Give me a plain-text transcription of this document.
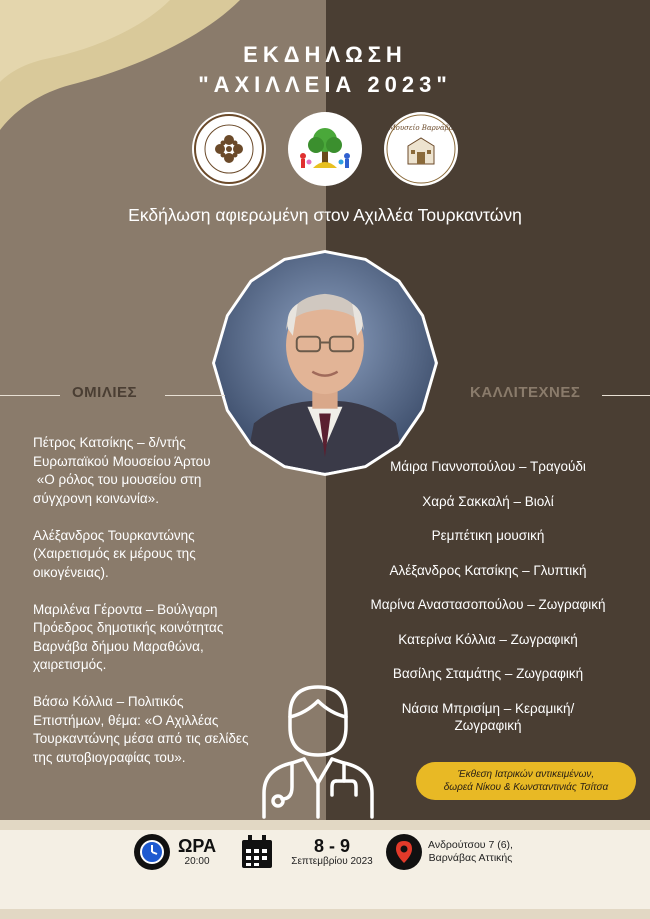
ΕΚΔΗΛΩΣΗ
"ΑΧΙΛΛΕΙΑ 2023"
Μουσείο Βαρνάβα
Εκδήλωση αφιερωμένη στον Αχιλλέα Τουρκαντώνη
ΟΜΙΛΙΕΣ	ΚΑΛΛΙΤΕΧΝΕΣ
Πέτρος Κατσίκης – δ/ντής
Ευρωπαϊκού Μουσείου Άρτου
«Ο ρόλος του μουσείου στη
σύγχρονη κοινωνία».
Αλέξανδρος Τουρκαντώνης
(Χαιρετισμός εκ μέρους της
οικογένειας).
Μαριλένα Γέροντα – Βούλγαρη
Πρόεδρος δημοτικής κοινότητας
Βαρνάβα δήμου Μαραθώνα,
χαιρετισμός.
Βάσω Κόλλια – Πολιτικός
Επιστήμων, θέμα: «Ο Αχιλλέας
Τουρκαντώνης μέσα από τις σελίδες
της αυτοβιογραφίας του».
Μάιρα Γιαννοπούλου – Τραγούδι
Χαρά Σακκαλή – Βιολί
Ρεμπέτικη μουσική
Αλέξανδρος Κατσίκης – Γλυπτική
Μαρίνα Αναστασοπούλου – Ζωγραφική
Κατερίνα Κόλλια – Ζωγραφική
Βασίλης Σταμάτης – Ζωγραφική
Νάσια Μπρισίμη – Κεραμική/
Ζωγραφική
Έκθεση Ιατρικών αντικειμένων,
δωρεά Νίκου & Κωνσταντινιάς Τσίτσα
ΩΡΑ
20:00
8 - 9
Σεπτεμβρίου 2023
Ανδρούτσου 7 (6),
Βαρνάβας Αττικής
